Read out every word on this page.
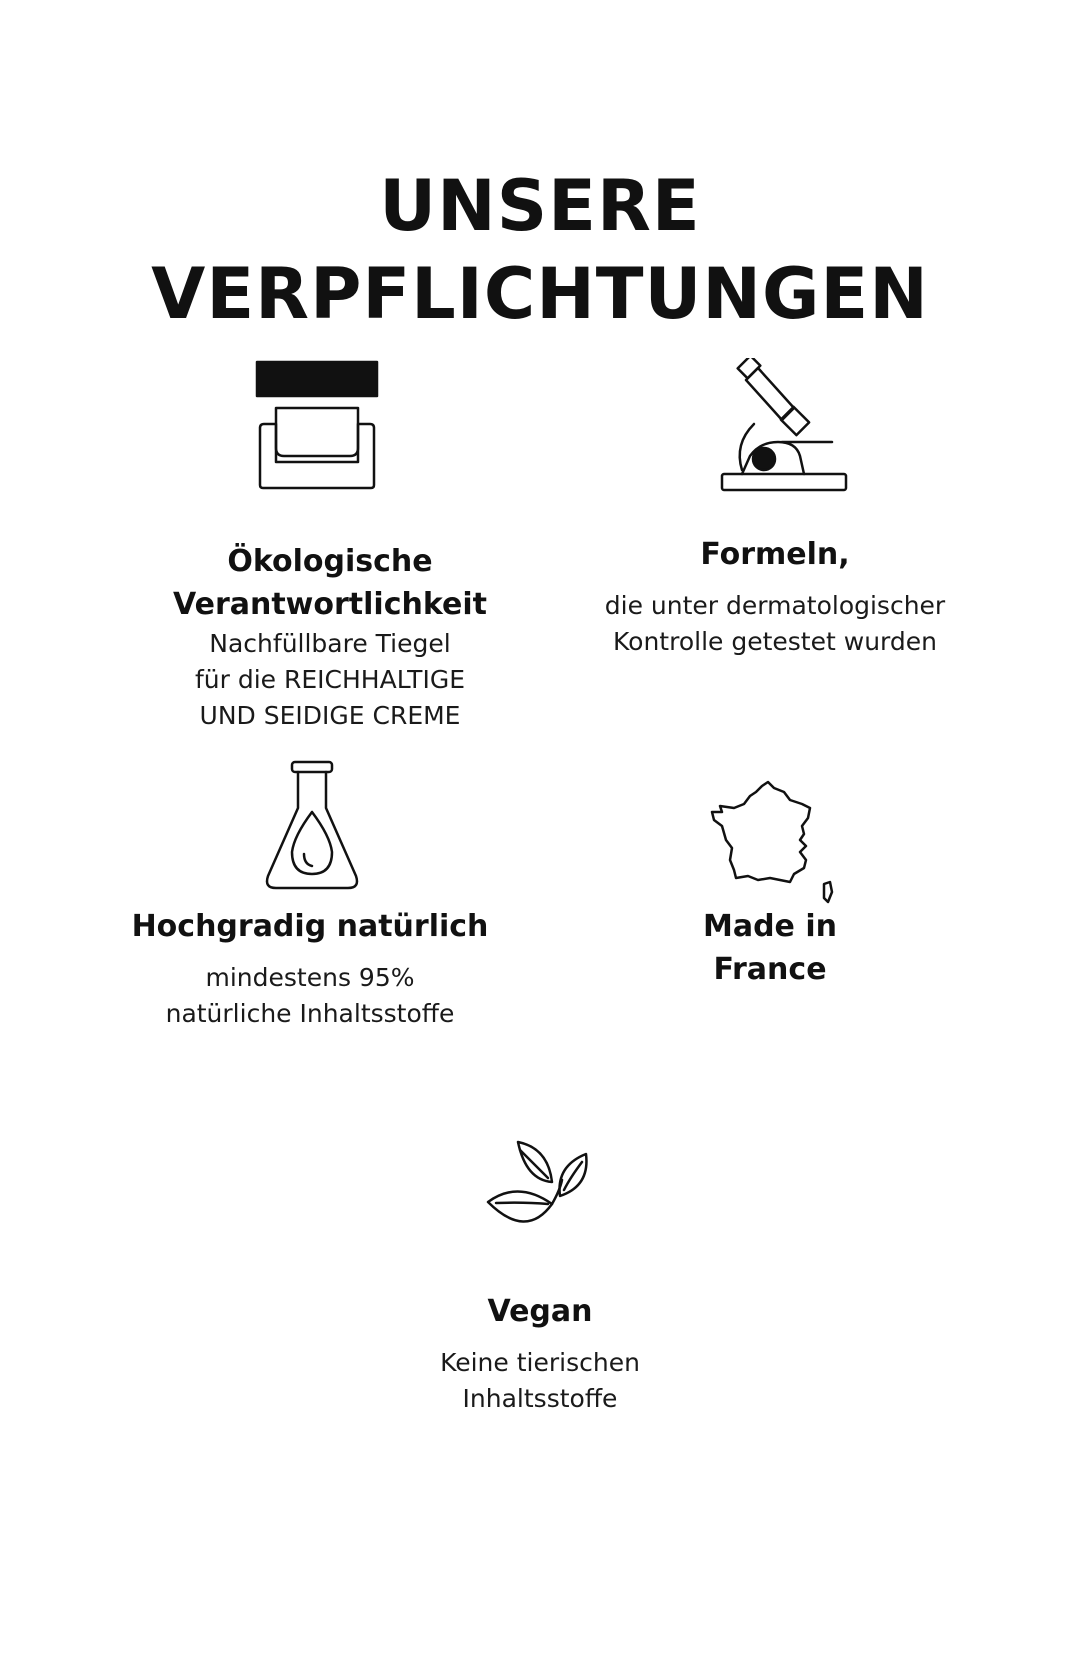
UNSERE
VERPFLICHTUNGEN
Ökologische
Verantwortlichkeit
Nachfüllbare Tiegel
für die REICHHALTIGE
UND SEIDIGE CREME
Formeln,
die unter dermatologischer
Kontrolle getestet wurden
Hochgradig natürlich
mindestens 95%
natürliche Inhaltsstoffe
Made in
France
Vegan
Keine tierischen
Inhaltsstoffe
